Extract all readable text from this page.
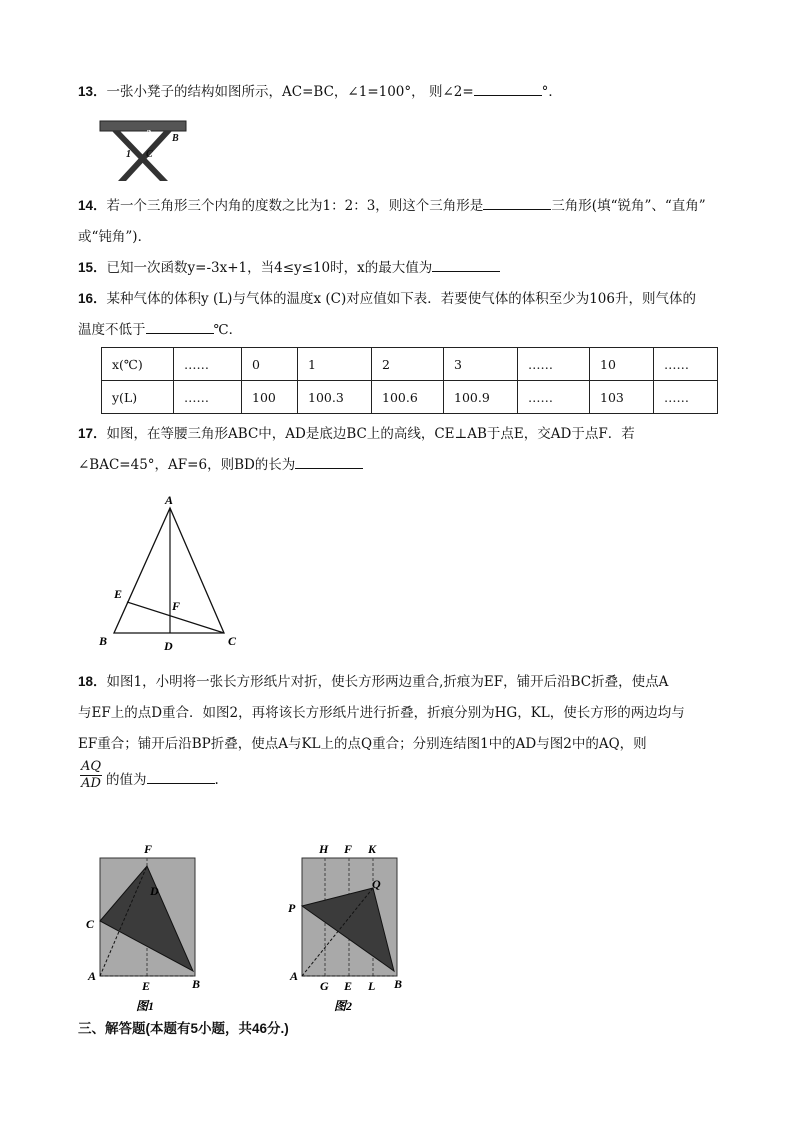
13．一张小凳子的结构如图所示，AC=BC，∠1=100°， 则∠2=	°．
A	2 B
1 C
14．若一个三角形三个内角的度数之比为1：2：3，则这个三角形是	三角形(填“锐角”、“直角”
或“钝角”)．
15．已知一次函数y=-3x+1，当4≤y≤10时，x的最大值为
16．某种气体的体积y (L)与气体的温度x (C)对应值如下表．若要使气体的体积至少为106升，则气体的
温度不低于	℃．
x(℃)	……	0	1	2	3	……	10	……
y(L)	……	100	100.3	100.6	100.9	……	103	……
17．如图，在等腰三角形ABC中，AD是底边BC上的高线，CE⊥AB于点E，交AD于点F．若
∠BAC=45°，AF=6，则BD的长为
A
B	C
D
E
F
18．如图1，小明将一张长方形纸片对折，使长方形两边重合,折痕为EF，铺开后沿BC折叠，使点A
与EF上的点D重合．如图2，再将该长方形纸片进行折叠，折痕分别为HG，KL，使长方形的两边均与
EF重合；铺开后沿BP折叠，使点A与KL上的点Q重合；分别连结图1中的AD与图2中的AQ，则
$\frac{AQ}{AD}$ 的值为	.
F
D
C
A
E	B
图1
H F K
Q
P
A
G E L B
图2
三、解答题(本题有5小题，共46分.)
